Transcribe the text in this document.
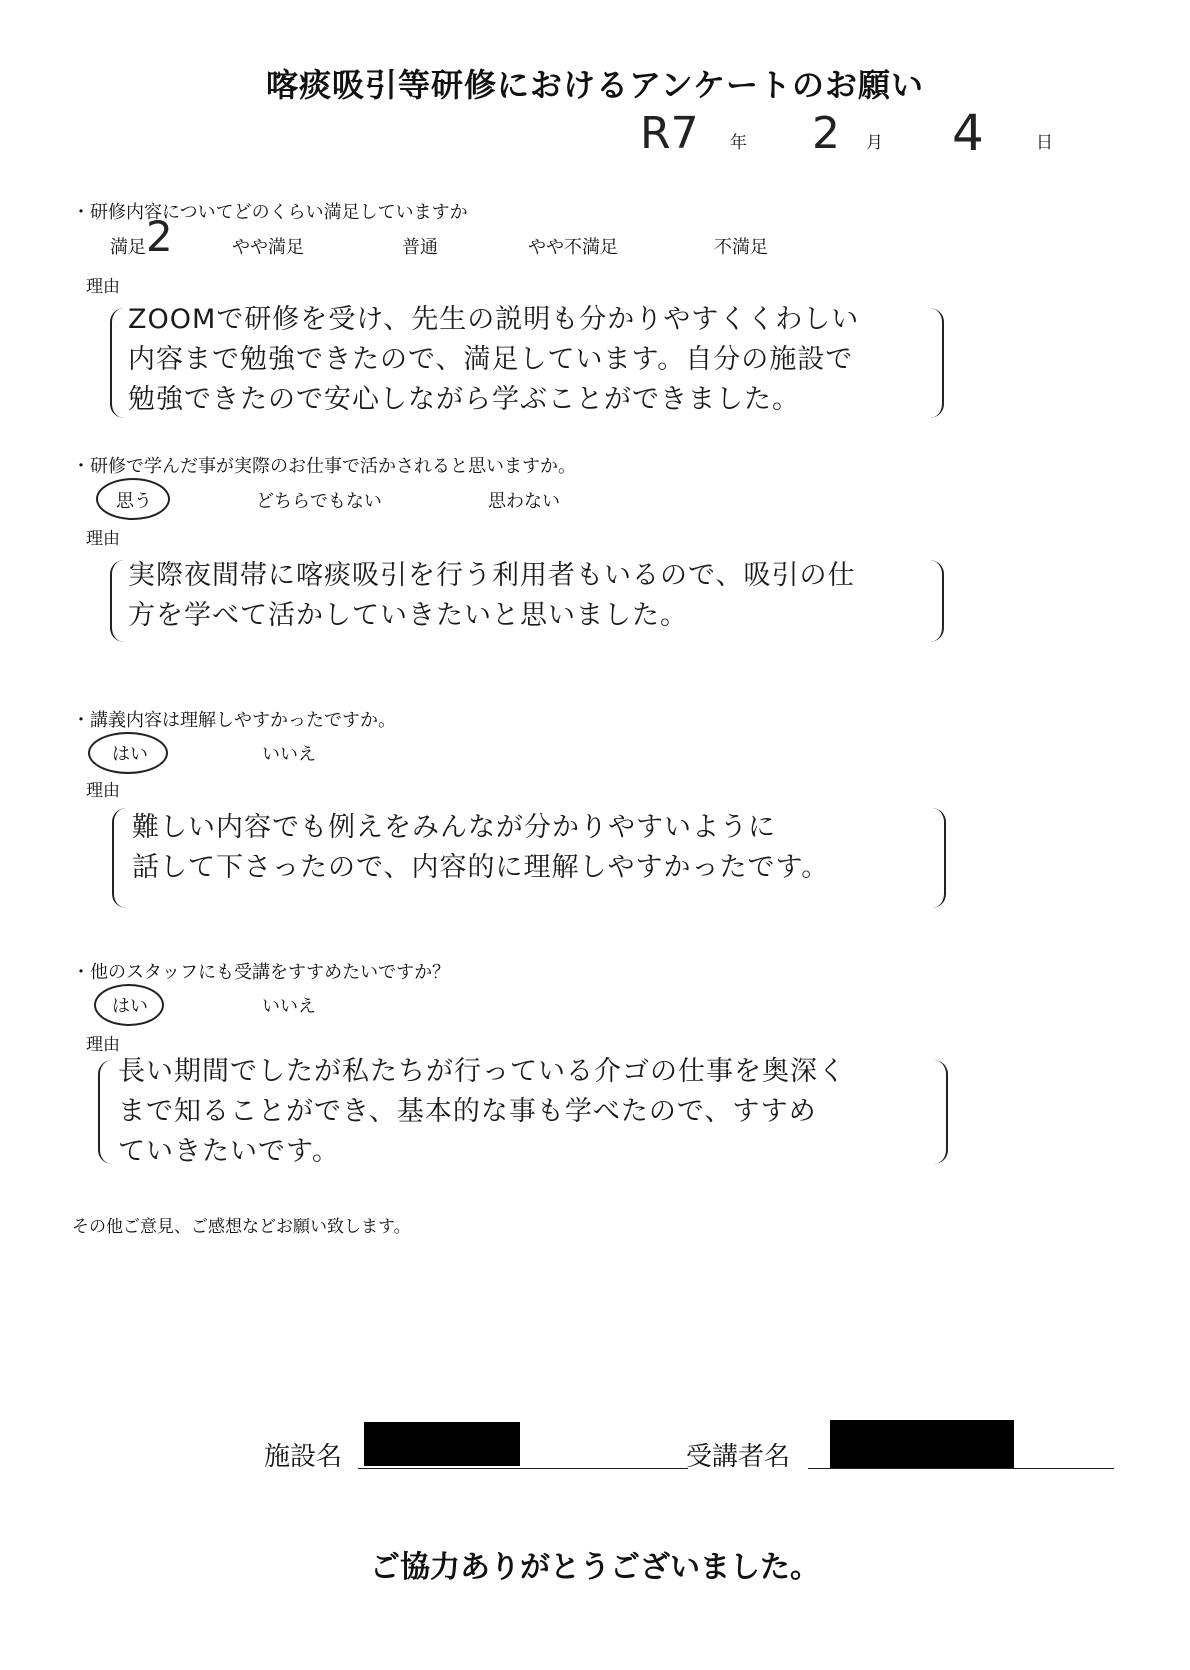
喀痰吸引等研修におけるアンケートのお願い
R7 年 2 月 4	日
・研修内容についてどのくらい満足していますか
満足	やや満足	普通	やや不満足	不満足
2
理由
ZOOMで研修を受け、先生の説明も分かりやすくくわしい
内容まで勉強できたので、満足しています。自分の施設で
勉強できたので安心しながら学ぶことができました。
・研修で学んだ事が実際のお仕事で活かされると思いますか。
思う	どちらでもない	思わない
理由
実際夜間帯に喀痰吸引を行う利用者もいるので、吸引の仕
方を学べて活かしていきたいと思いました。
・講義内容は理解しやすかったですか。
はい	いいえ
理由
難しい内容でも例えをみんなが分かりやすいように
話して下さったので、内容的に理解しやすかったです。
・他のスタッフにも受講をすすめたいですか？
はい	いいえ
理由
長い期間でしたが私たちが行っている介ゴの仕事を奥深く
まで知ることができ、基本的な事も学べたので、すすめ
ていきたいです。
その他ご意見、ご感想などお願い致します。
施設名	受講者名
ご協力ありがとうございました。
